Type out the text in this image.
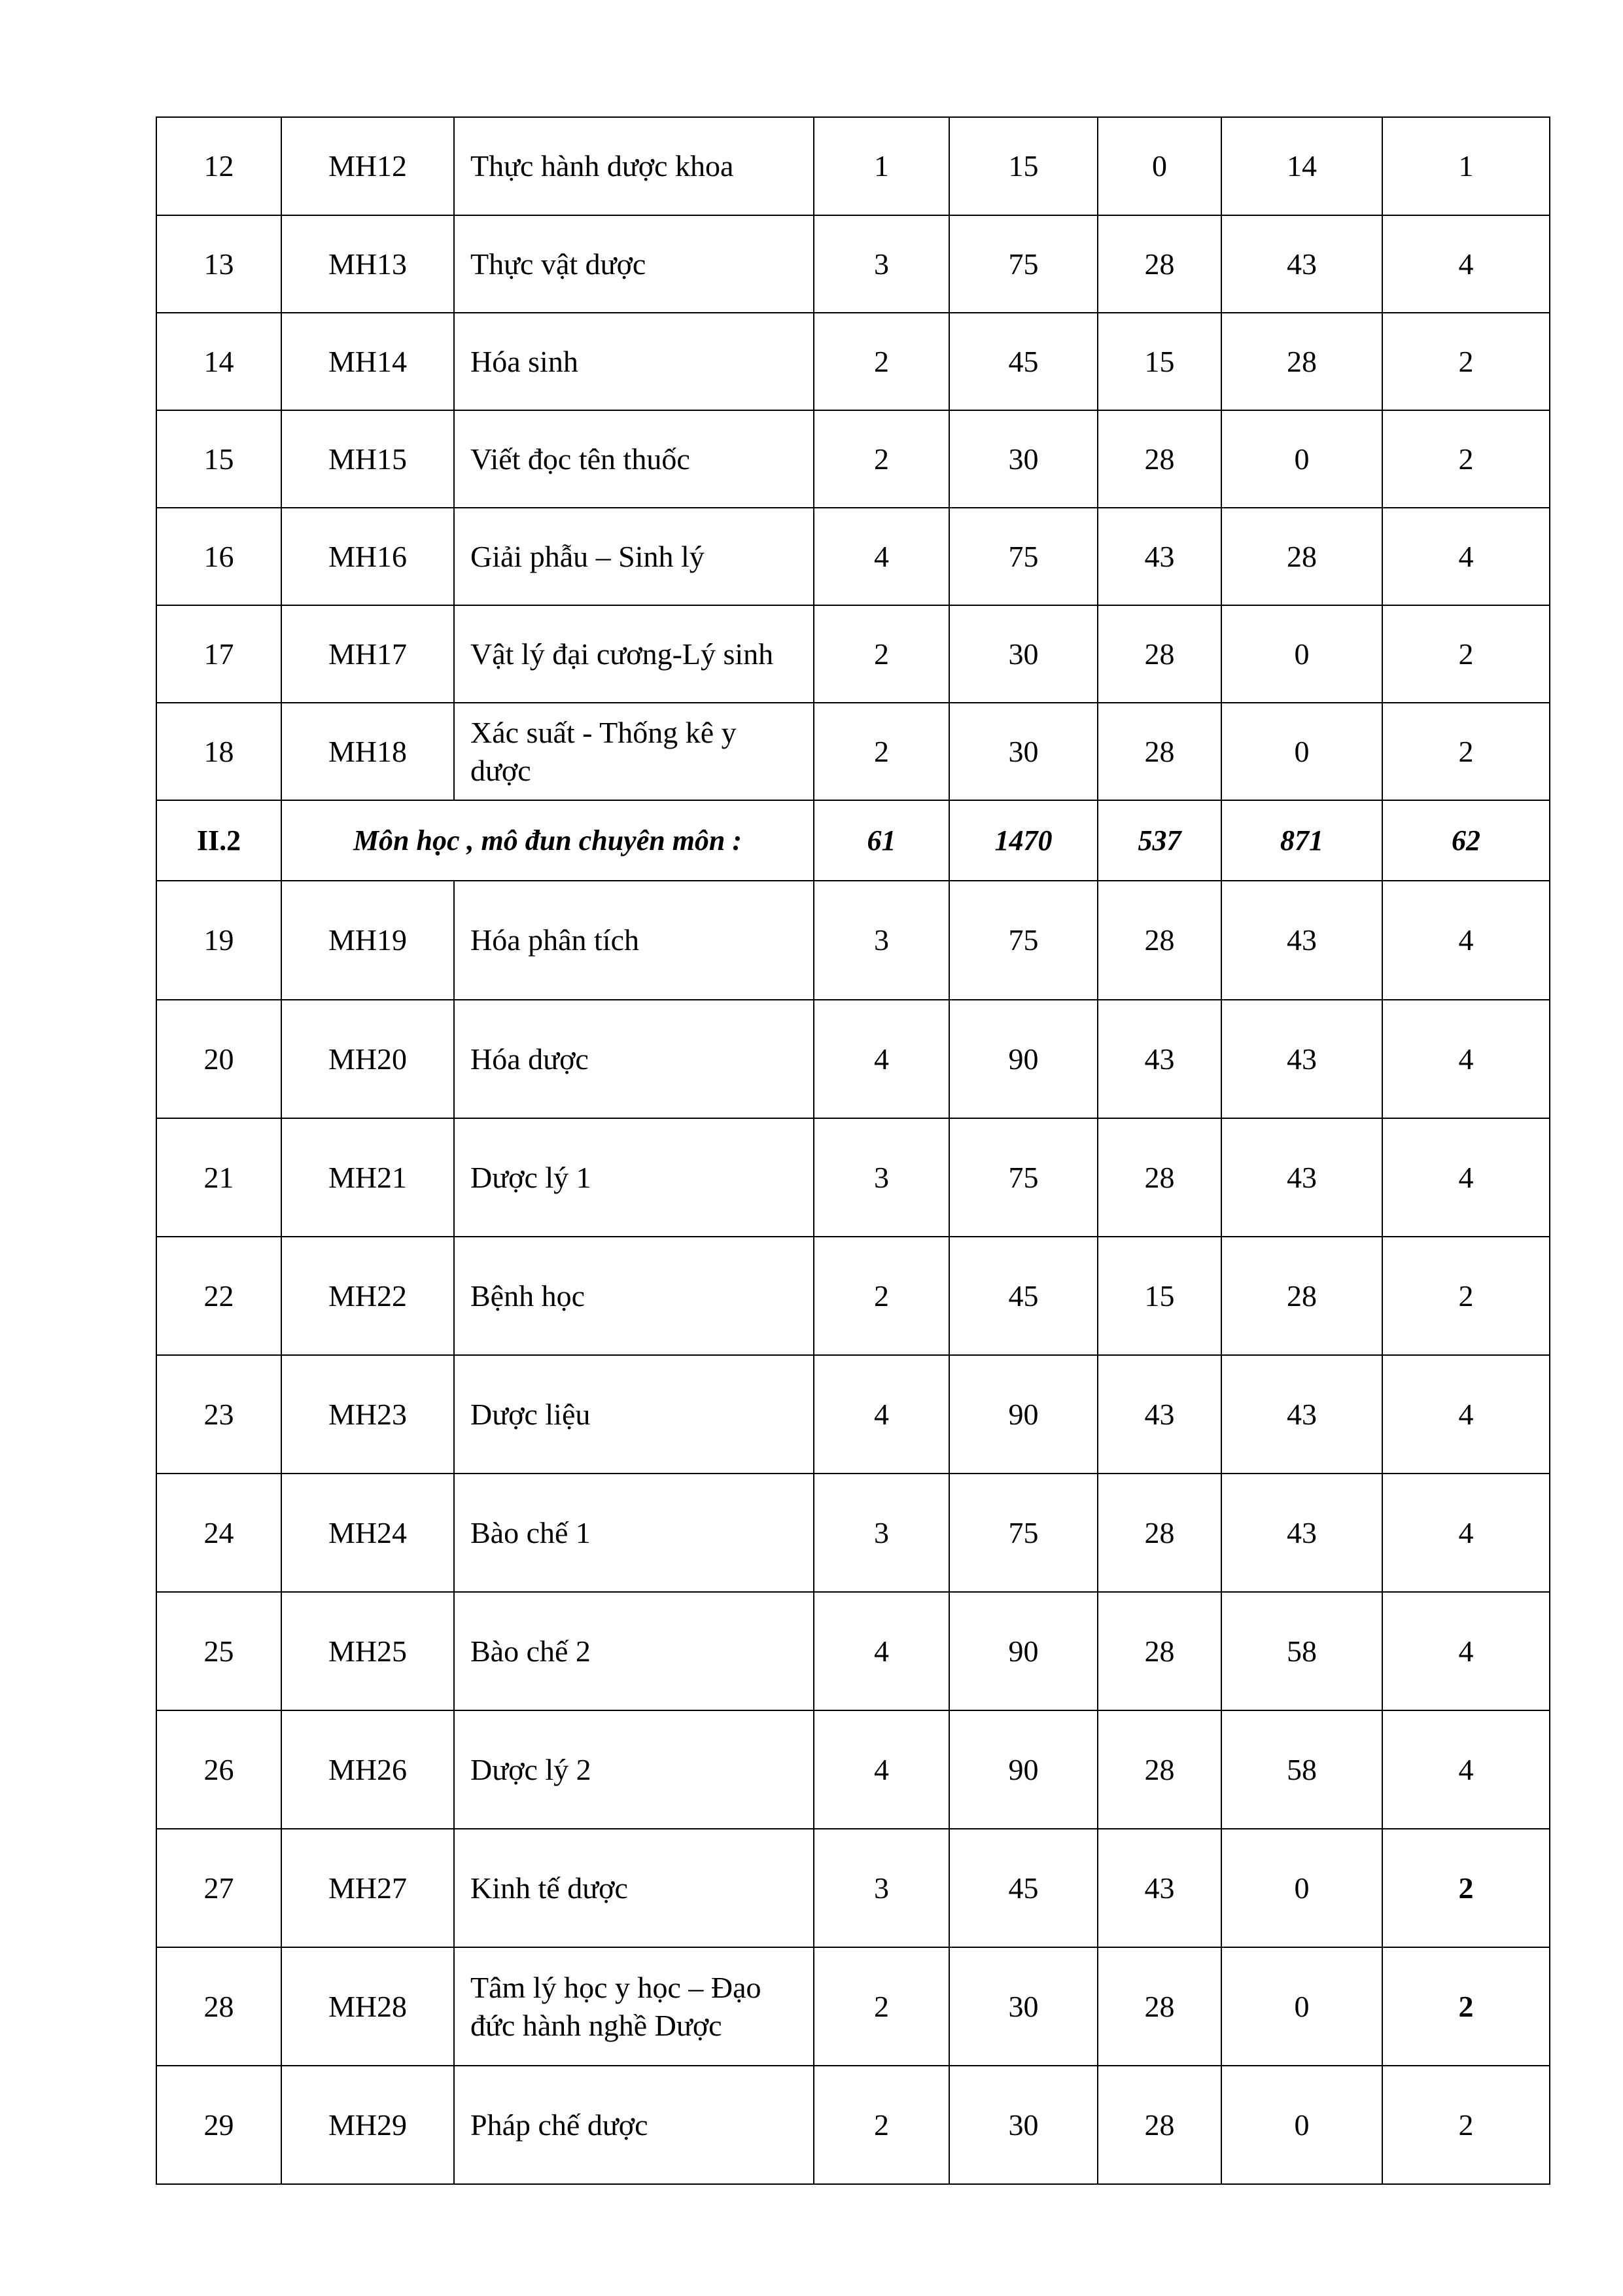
12	MH12	Thực hành dược khoa	1	15	0	14	1
13	MH13	Thực vật dược	3	75	28	43	4
14	MH14	Hóa sinh	2	45	15	28	2
15	MH15	Viết đọc tên thuốc	2	30	28	0	2
16	MH16	Giải phẫu – Sinh lý	4	75	43	28	4
17	MH17	Vật lý đại cương-Lý sinh	2	30	28	0	2
18	MH18	Xác suất - Thống kê y dược	2	30	28	0	2
II.2	Môn học , mô đun chuyên môn :		61	1470	537	871	62
19	MH19	Hóa phân tích	3	75	28	43	4
20	MH20	Hóa dược	4	90	43	43	4
21	MH21	Dược lý 1	3	75	28	43	4
22	MH22	Bệnh học	2	45	15	28	2
23	MH23	Dược liệu	4	90	43	43	4
24	MH24	Bào chế 1	3	75	28	43	4
25	MH25	Bào chế 2	4	90	28	58	4
26	MH26	Dược lý 2	4	90	28	58	4
27	MH27	Kinh tế dược	3	45	43	0	2
28	MH28	Tâm lý học y học – Đạo đức hành nghề Dược	2	30	28	0	2
29	MH29	Pháp chế dược	2	30	28	0	2
